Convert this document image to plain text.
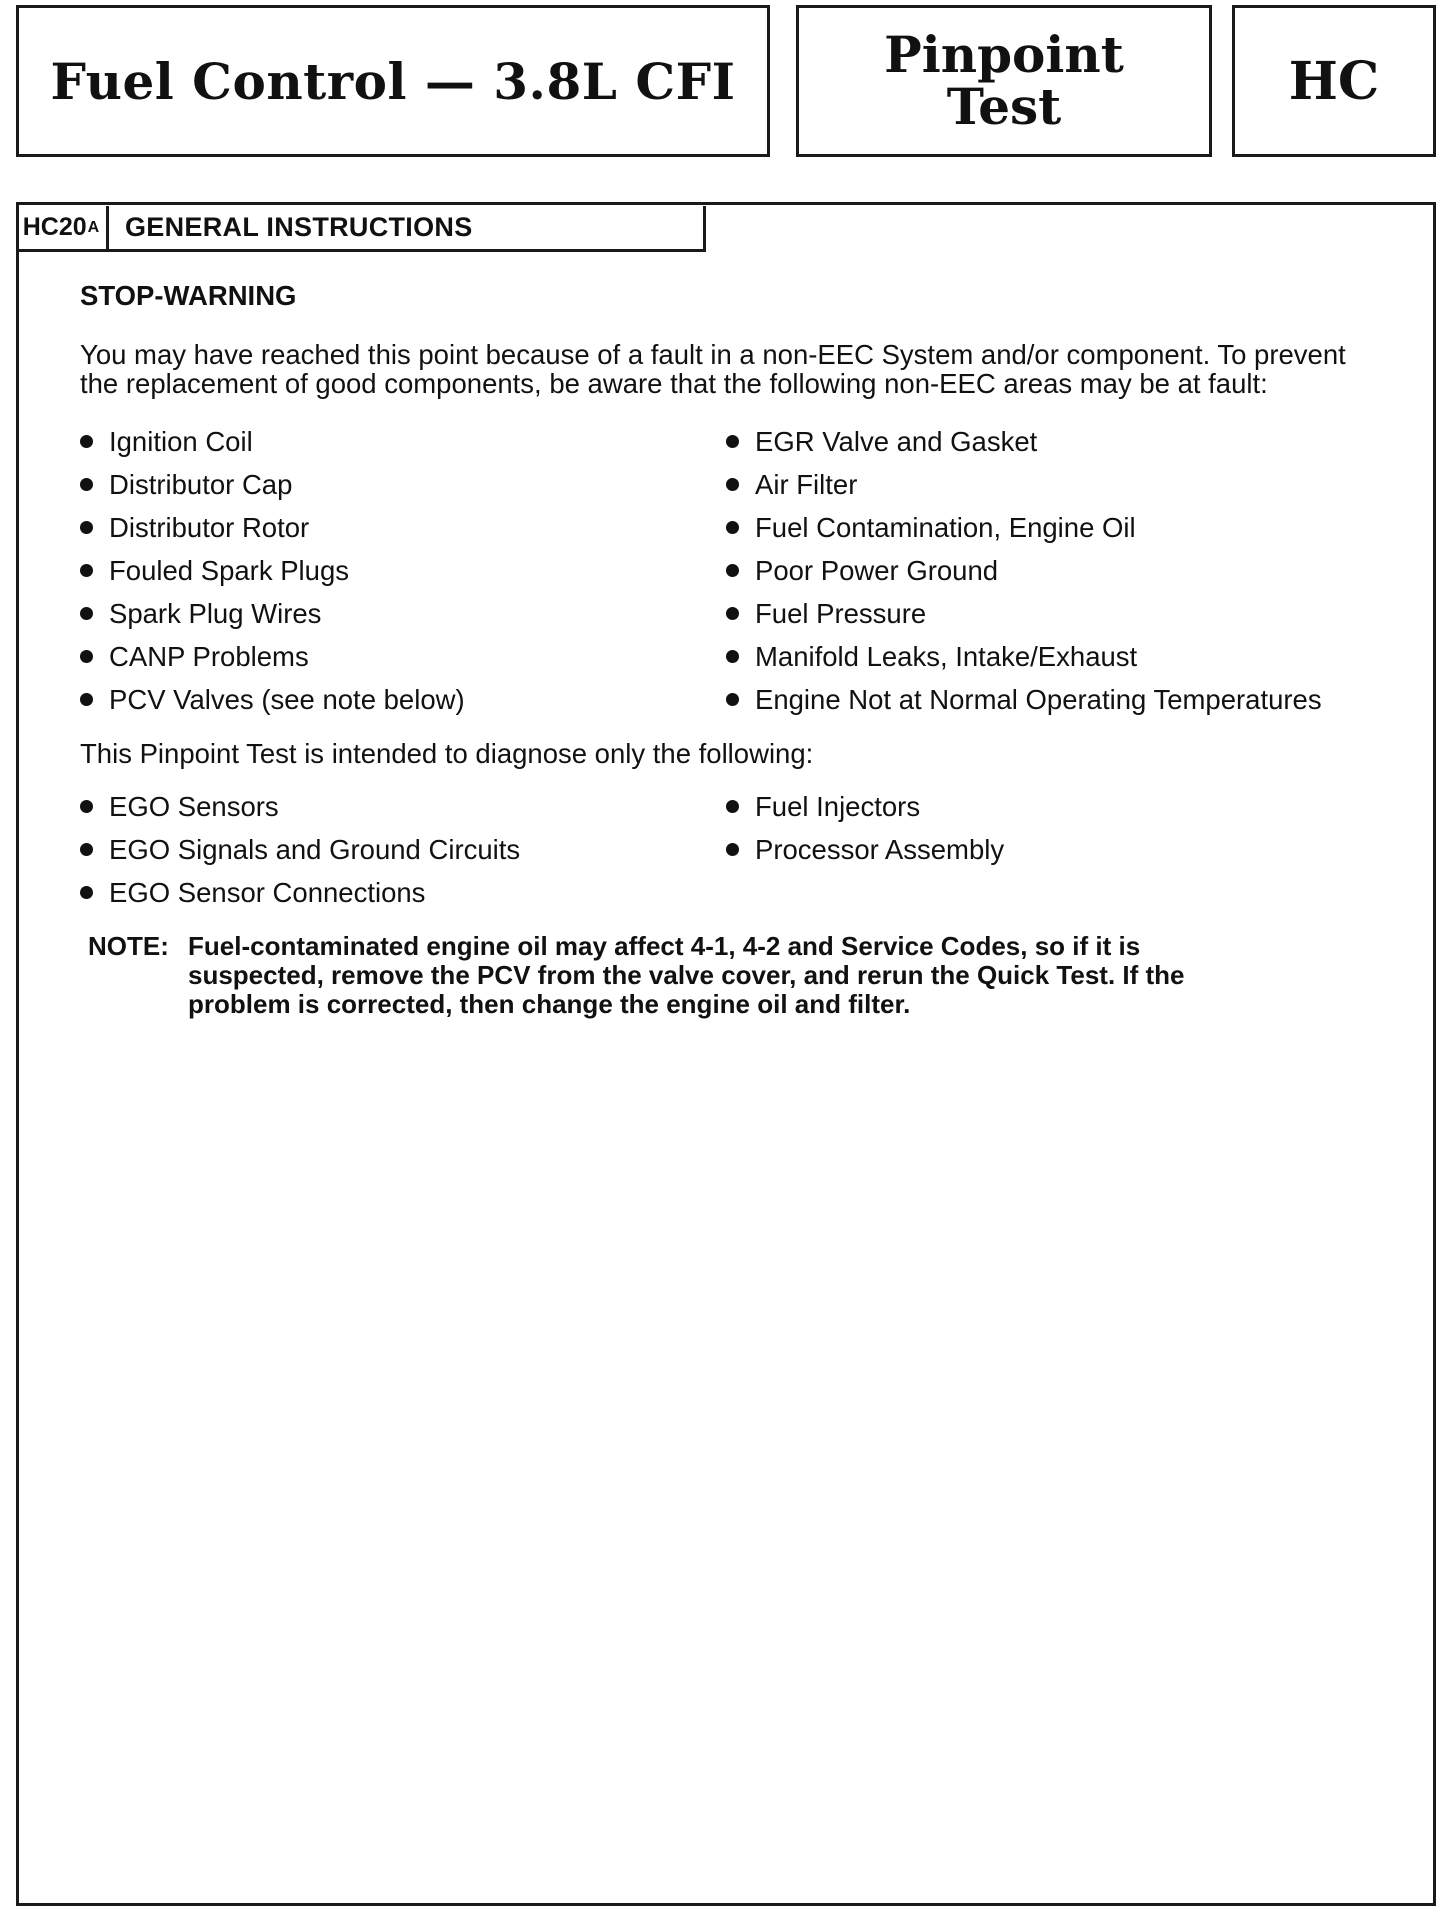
Fuel Control — 3.8L CFI	Pinpoint
Test	HC
HC20 A GENERAL INSTRUCTIONS
STOP-WARNING
You may have reached this point because of a fault in a non-EEC System and/or component. To prevent the replacement of good components, be aware that the following non-EEC areas may be at fault:
Ignition Coil
Distributor Cap
Distributor Rotor
Fouled Spark Plugs
Spark Plug Wires
CANP Problems
PCV Valves (see note below)
EGR Valve and Gasket
Air Filter
Fuel Contamination, Engine Oil
Poor Power Ground
Fuel Pressure
Manifold Leaks, Intake/Exhaust
Engine Not at Normal Operating Temperatures
This Pinpoint Test is intended to diagnose only the following:
EGO Sensors
EGO Signals and Ground Circuits
EGO Sensor Connections
Fuel Injectors
Processor Assembly
NOTE: Fuel-contaminated engine oil may affect 4-1, 4-2 and Service Codes, so if it is suspected, remove the PCV from the valve cover, and rerun the Quick Test. If the problem is corrected, then change the engine oil and filter.
